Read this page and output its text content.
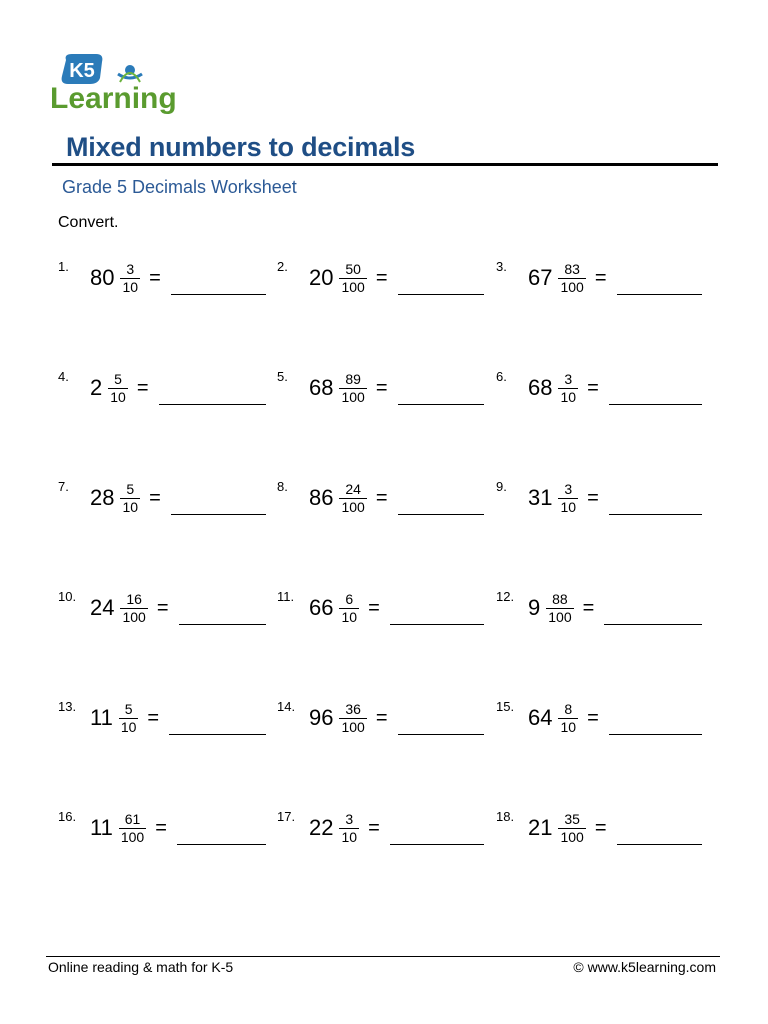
K5
Learning
Mixed numbers to decimals
Grade 5 Decimals Worksheet
Convert.
1. $80 \frac{3}{10}$ =	2. $20 \frac{50}{100}$ =	3. $67 \frac{83}{100}$ =
4. $2 \frac{5}{10}$ =	5. $68 \frac{89}{100}$ =	6. $68 \frac{3}{10}$ =
7. $28 \frac{5}{10}$ =	8. $86 \frac{24}{100}$ =	9. $31 \frac{3}{10}$ =
10. $24 \frac{16}{100}$ =	11. $66 \frac{6}{10}$ =	12. $9 \frac{88}{100}$ =
13. $11 \frac{5}{10}$ =	14. $96 \frac{36}{100}$ =	15. $64 \frac{8}{10}$ =
16. $11 \frac{61}{100}$ =	17. $22 \frac{3}{10}$ =	18. $21 \frac{35}{100}$ =
Online reading & math for K-5	© www.k5learning.com
